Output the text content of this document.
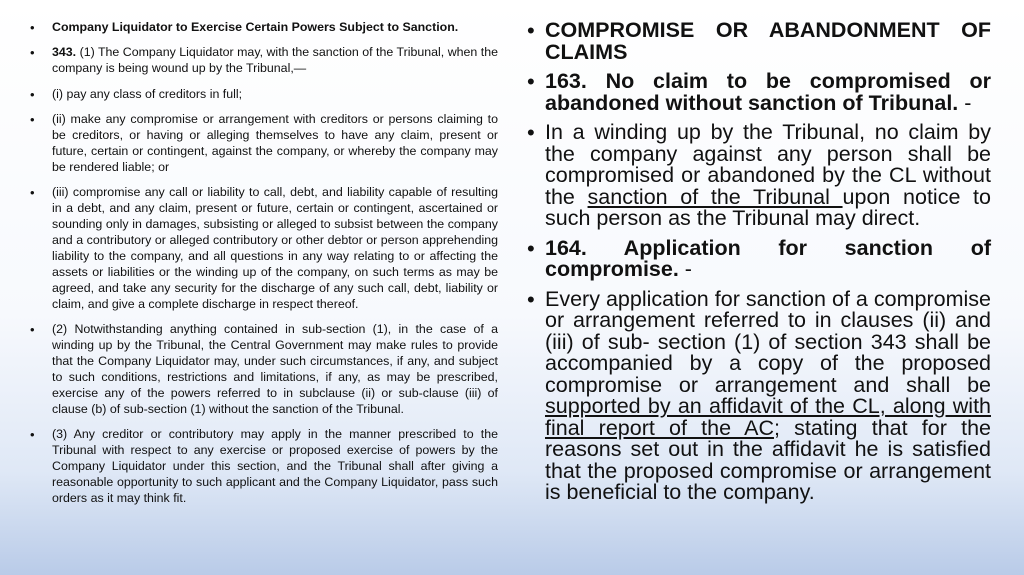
• Company Liquidator to Exercise Certain Powers Subject to Sanction.
• 343. (1) The Company Liquidator may, with the sanction of the Tribunal, when the company is being wound up by the Tribunal,—
• (i) pay any class of creditors in full;
• (ii) make any compromise or arrangement with creditors or persons claiming to be creditors, or having or alleging themselves to have any claim, present or future, certain or contingent, against the company, or whereby the company may be rendered liable; or
• (iii) compromise any call or liability to call, debt, and liability capable of resulting in a debt, and any claim, present or future, certain or contingent, ascertained or sounding only in damages, subsisting or alleged to subsist between the company and a contributory or alleged contributory or other debtor or person apprehending liability to the company, and all questions in any way relating to or affecting the assets or liabilities or the winding up of the company, on such terms as may be agreed, and take any security for the discharge of any such call, debt, liability or claim, and give a complete discharge in respect thereof.
• (2) Notwithstanding anything contained in sub-section (1), in the case of a winding up by the Tribunal, the Central Government may make rules to provide that the Company Liquidator may, under such circumstances, if any, and subject to such conditions, restrictions and limitations, if any, as may be prescribed, exercise any of the powers referred to in subclause (ii) or sub-clause (iii) of clause (b) of sub-section (1) without the sanction of the Tribunal.
• (3) Any creditor or contributory may apply in the manner prescribed to the Tribunal with respect to any exercise or proposed exercise of powers by the Company Liquidator under this section, and the Tribunal shall after giving a reasonable opportunity to such applicant and the Company Liquidator, pass such orders as it may think fit.
• COMPROMISE OR ABANDONMENT OF CLAIMS
• 163. No claim to be compromised or abandoned without sanction of Tribunal. -
• In a winding up by the Tribunal, no claim by the company against any person shall be compromised or abandoned by the CL without the sanction of the Tribunal upon notice to such person as the Tribunal may direct.
• 164. Application for sanction of compromise. -
• Every application for sanction of a compromise or arrangement referred to in clauses (ii) and (iii) of sub- section (1) of section 343 shall be accompanied by a copy of the proposed compromise or arrangement and shall be supported by an affidavit of the CL, along with final report of the AC; stating that for the reasons set out in the affidavit he is satisfied that the proposed compromise or arrangement is beneficial to the company.
